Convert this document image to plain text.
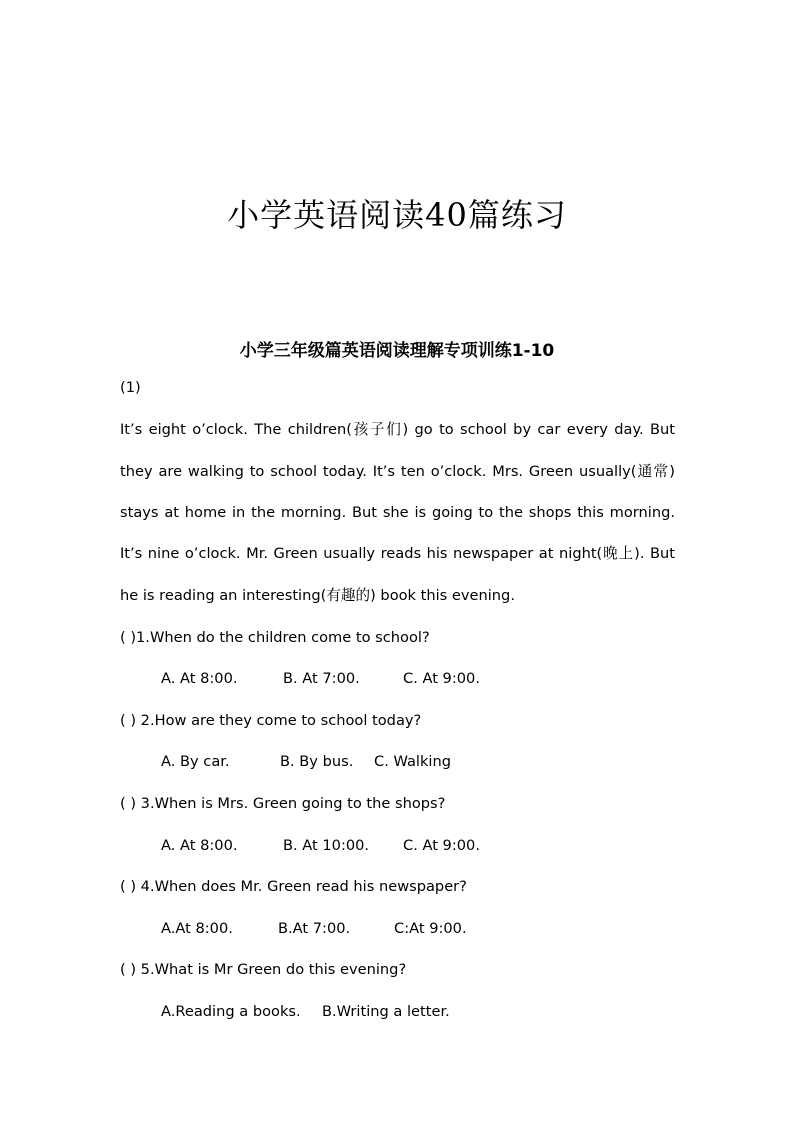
小学英语阅读40篇练习
小学三年级篇英语阅读理解专项训练1-10
(1)
It’s eight o’clock. The children(孩子们) go to school by car every day. But
they are walking to school today. It’s ten o’clock. Mrs. Green usually(通常)
stays at home in the morning. But she is going to the shops this morning.
It’s nine o’clock. Mr. Green usually reads his newspaper at night(晚上). But
he is reading an interesting(有趣的) book this evening.
( )1.When do the children come to school?
A. At 8:00.	B. At 7:00.	C. At 9:00.
( ) 2.How are they come to school today?
A. By car.	B. By bus. C. Walking
( ) 3.When is Mrs. Green going to the shops?
A. At 8:00.	B. At 10:00. C. At 9:00.
( ) 4.When does Mr. Green read his newspaper?
A.At 8:00.	B.At 7:00.	C:At 9:00.
( ) 5.What is Mr Green do this evening?
A.Reading a books. B.Writing a letter.
